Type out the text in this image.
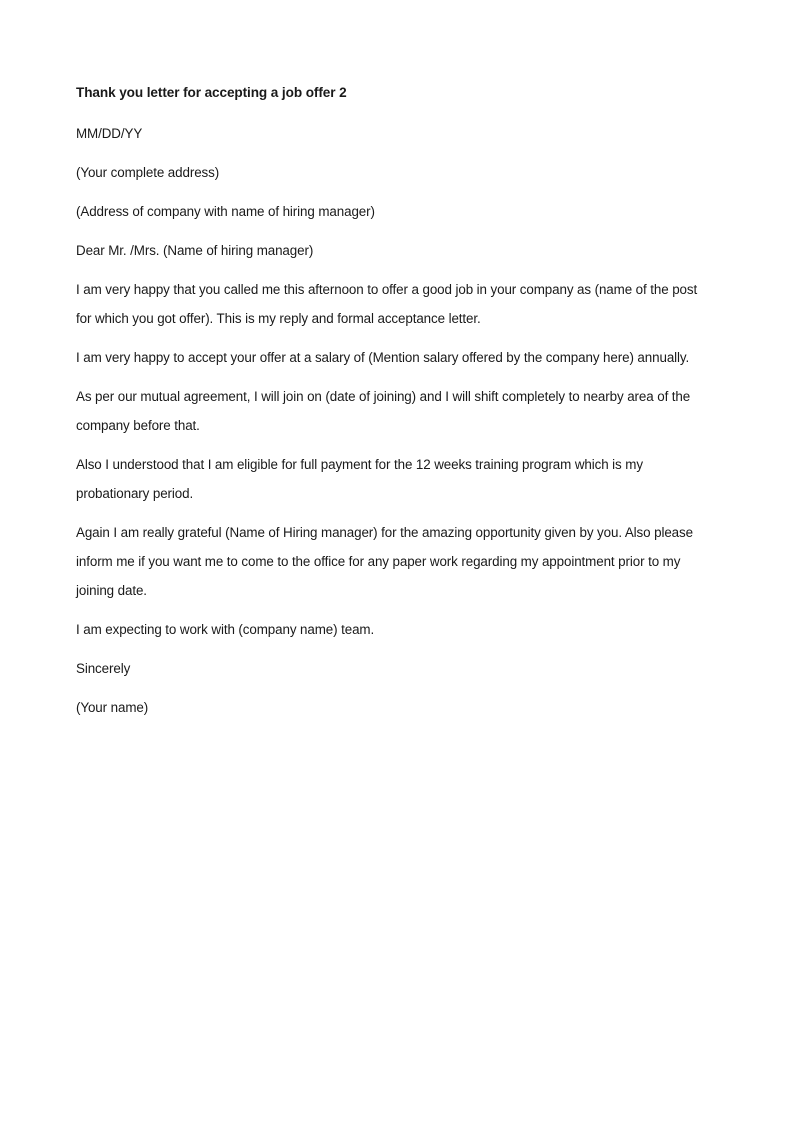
Thank you letter for accepting a job offer 2

MM/DD/YY

(Your complete address)

(Address of company with name of hiring manager)

Dear Mr. /Mrs. (Name of hiring manager)

I am very happy that you called me this afternoon to offer a good job in your company as (name of the post for which you got offer). This is my reply and formal acceptance letter.

I am very happy to accept your offer at a salary of (Mention salary offered by the company here) annually.

As per our mutual agreement, I will join on (date of joining) and I will shift completely to nearby area of the company before that.

Also I understood that I am eligible for full payment for the 12 weeks training program which is my probationary period.

Again I am really grateful (Name of Hiring manager) for the amazing opportunity given by you. Also please inform me if you want me to come to the office for any paper work regarding my appointment prior to my joining date.

I am expecting to work with (company name) team.

Sincerely

(Your name)
